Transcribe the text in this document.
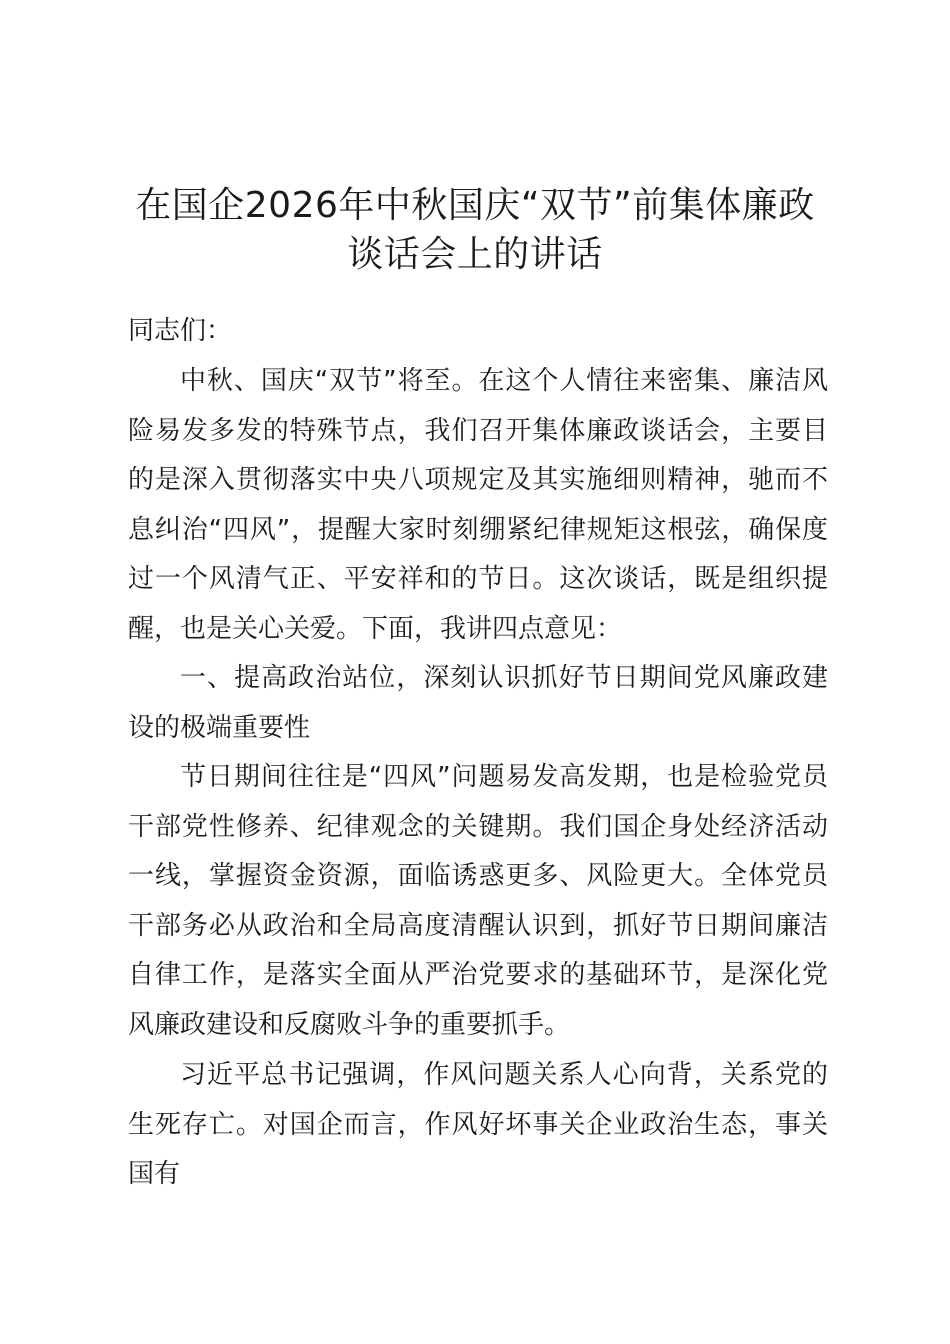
在国企2026年中秋国庆“双节”前集体廉政
谈话会上的讲话

同志们：

中秋、国庆“双节”将至。在这个人情往来密集、廉洁风险易发多发的特殊节点，我们召开集体廉政谈话会，主要目的是深入贯彻落实中央八项规定及其实施细则精神，驰而不息纠治“四风”，提醒大家时刻绷紧纪律规矩这根弦，确保度过一个风清气正、平安祥和的节日。这次谈话，既是组织提醒，也是关心关爱。下面，我讲四点意见：

一、提高政治站位，深刻认识抓好节日期间党风廉政建设的极端重要性

节日期间往往是“四风”问题易发高发期，也是检验党员干部党性修养、纪律观念的关键期。我们国企身处经济活动一线，掌握资金资源，面临诱惑更多、风险更大。全体党员干部务必从政治和全局高度清醒认识到，抓好节日期间廉洁自律工作，是落实全面从严治党要求的基础环节，是深化党风廉政建设和反腐败斗争的重要抓手。

习近平总书记强调，作风问题关系人心向背，关系党的生死存亡。对国企而言，作风好坏事关企业政治生态，事关国有
